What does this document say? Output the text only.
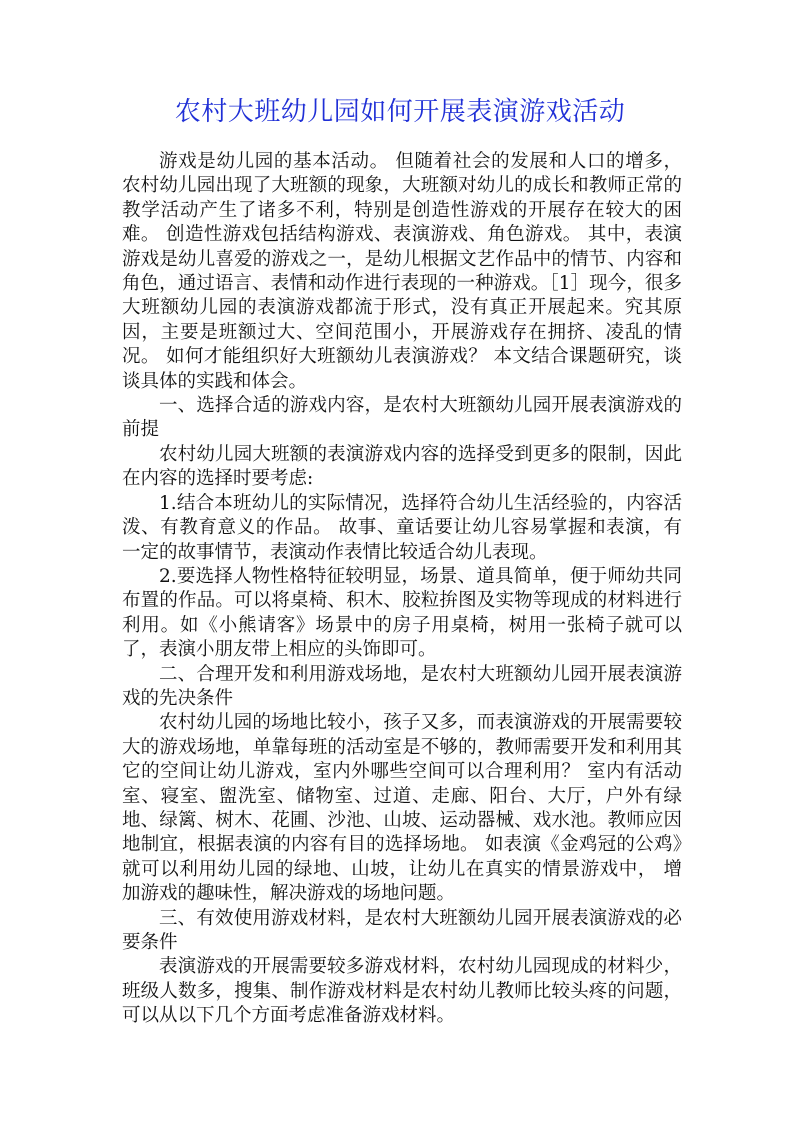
农村大班幼儿园如何开展表演游戏活动

游戏是幼儿园的基本活动。 但随着社会的发展和人口的增多，农村幼儿园出现了大班额的现象，大班额对幼儿的成长和教师正常的教学活动产生了诸多不利，特别是创造性游戏的开展存在较大的困难。 创造性游戏包括结构游戏、表演游戏、角色游戏。 其中，表演游戏是幼儿喜爱的游戏之一，是幼儿根据文艺作品中的情节、内容和角色，通过语言、表情和动作进行表现的一种游戏。［1］现今，很多大班额幼儿园的表演游戏都流于形式，没有真正开展起来。究其原因，主要是班额过大、空间范围小，开展游戏存在拥挤、凌乱的情况。 如何才能组织好大班额幼儿表演游戏？ 本文结合课题研究，谈谈具体的实践和体会。

一、选择合适的游戏内容，是农村大班额幼儿园开展表演游戏的前提

农村幼儿园大班额的表演游戏内容的选择受到更多的限制，因此在内容的选择时要考虑:

1.结合本班幼儿的实际情况，选择符合幼儿生活经验的，内容活泼、有教育意义的作品。 故事、童话要让幼儿容易掌握和表演，有一定的故事情节，表演动作表情比较适合幼儿表现。

2.要选择人物性格特征较明显，场景、道具简单，便于师幼共同布置的作品。可以将桌椅、积木、胶粒拚图及实物等现成的材料进行利用。如《小熊请客》场景中的房子用桌椅，树用一张椅子就可以了，表演小朋友带上相应的头饰即可。

二、合理开发和利用游戏场地，是农村大班额幼儿园开展表演游戏的先决条件

农村幼儿园的场地比较小，孩子又多，而表演游戏的开展需要较大的游戏场地，单靠每班的活动室是不够的，教师需要开发和利用其它的空间让幼儿游戏，室内外哪些空间可以合理利用？ 室内有活动室、寝室、盥洗室、储物室、过道、走廊、阳台、大厅，户外有绿地、绿篱、树木、花圃、沙池、山坡、运动器械、戏水池。教师应因地制宜，根据表演的内容有目的选择场地。 如表演《金鸡冠的公鸡》就可以利用幼儿园的绿地、山坡，让幼儿在真实的情景游戏中， 增加游戏的趣味性，解决游戏的场地问题。

三、有效使用游戏材料，是农村大班额幼儿园开展表演游戏的必要条件

表演游戏的开展需要较多游戏材料，农村幼儿园现成的材料少，班级人数多，搜集、制作游戏材料是农村幼儿教师比较头疼的问题，可以从以下几个方面考虑准备游戏材料。
